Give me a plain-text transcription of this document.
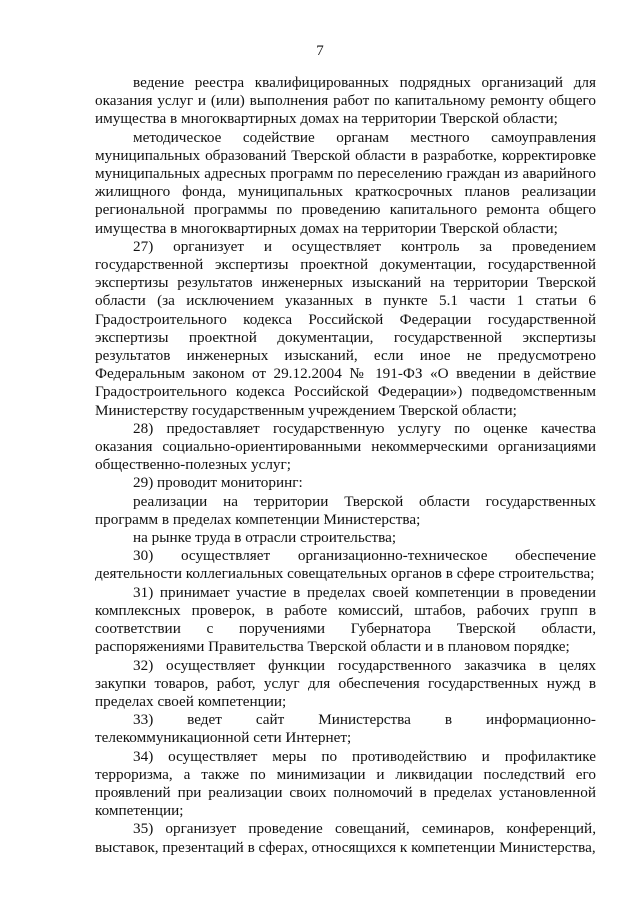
7

ведение реестра квалифицированных подрядных организаций для оказания услуг и (или) выполнения работ по капитальному ремонту общего имущества в многоквартирных домах на территории Тверской области;

методическое содействие органам местного самоуправления муниципальных образований Тверской области в разработке, корректировке муниципальных адресных программ по переселению граждан из аварийного жилищного фонда, муниципальных краткосрочных планов реализации региональной программы по проведению капитального ремонта общего имущества в многоквартирных домах на территории Тверской области;

27) организует и осуществляет контроль за проведением государственной экспертизы проектной документации, государственной экспертизы результатов инженерных изысканий на территории Тверской области (за исключением указанных в пункте 5.1 части 1 статьи 6 Градостроительного кодекса Российской Федерации государственной экспертизы проектной документации, государственной экспертизы результатов инженерных изысканий, если иное не предусмотрено Федеральным законом от 29.12.2004 № 191-ФЗ «О введении в действие Градостроительного кодекса Российской Федерации») подведомственным Министерству государственным учреждением Тверской области;

28) предоставляет государственную услугу по оценке качества оказания социально-ориентированными некоммерческими организациями общественно-полезных услуг;

29) проводит мониторинг:

реализации на территории Тверской области государственных программ в пределах компетенции Министерства;

на рынке труда в отрасли строительства;

30) осуществляет организационно-техническое обеспечение деятельности коллегиальных совещательных органов в сфере строительства;

31) принимает участие в пределах своей компетенции в проведении комплексных проверок, в работе комиссий, штабов, рабочих групп в соответствии с поручениями Губернатора Тверской области, распоряжениями Правительства Тверской области и в плановом порядке;

32) осуществляет функции государственного заказчика в целях закупки товаров, работ, услуг для обеспечения государственных нужд в пределах своей компетенции;

33) ведет сайт Министерства в информационно-телекоммуникационной сети Интернет;

34) осуществляет меры по противодействию и профилактике терроризма, а также по минимизации и ликвидации последствий его проявлений при реализации своих полномочий в пределах установленной компетенции;

35) организует проведение совещаний, семинаров, конференций, выставок, презентаций в сферах, относящихся к компетенции Министерства,
